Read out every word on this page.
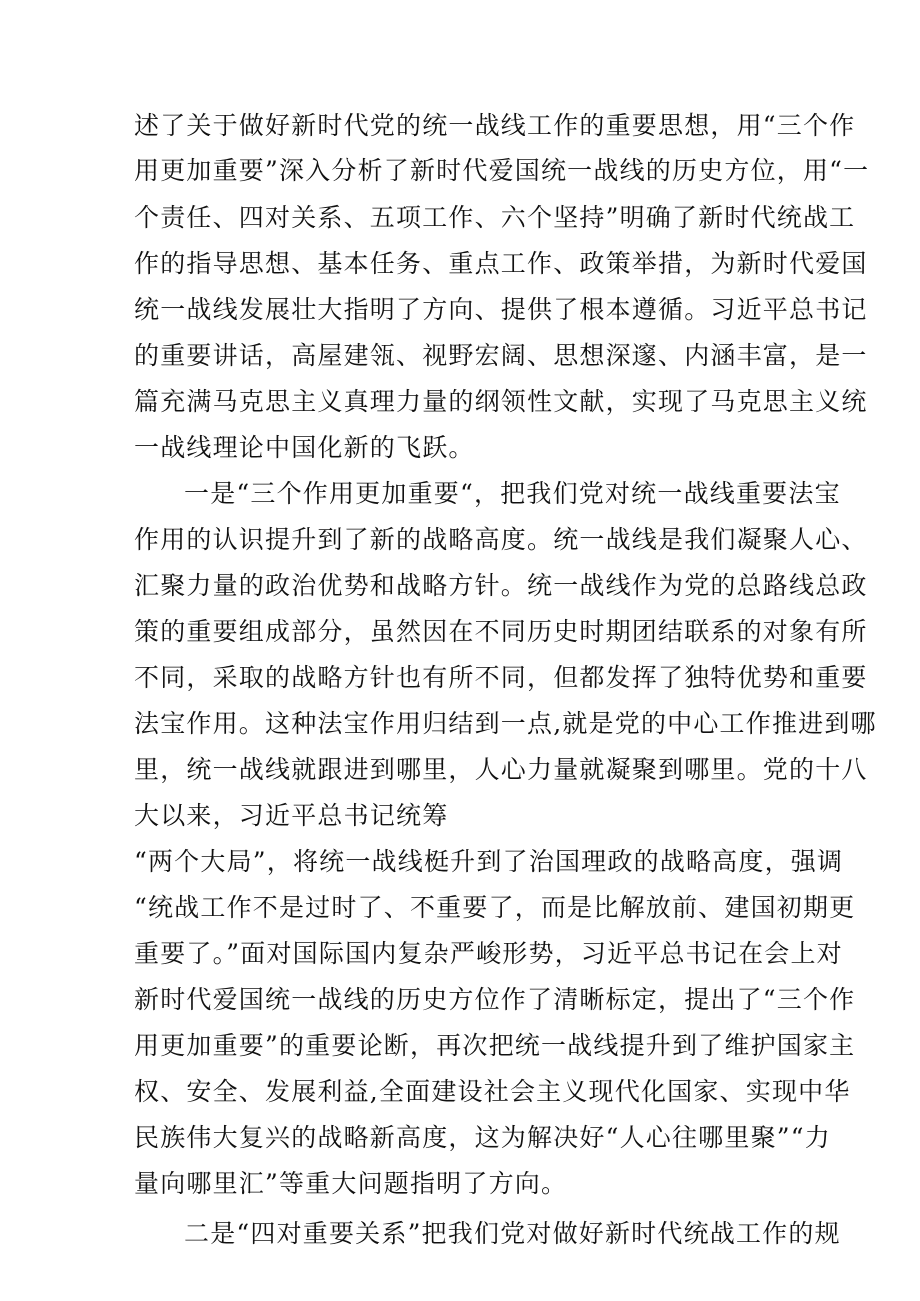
述了关于做好新时代党的统一战线工作的重要思想，用“三个作
用更加重要”深入分析了新时代爱国统一战线的历史方位，用“一
个责任、四对关系、五项工作、六个坚持”明确了新时代统战工
作的指导思想、基本任务、重点工作、政策举措，为新时代爱国
统一战线发展壮大指明了方向、提供了根本遵循。习近平总书记
的重要讲话，高屋建瓴、视野宏阔、思想深邃、内涵丰富，是一
篇充满马克思主义真理力量的纲领性文献，实现了马克思主义统
一战线理论中国化新的飞跃。
一是“三个作用更加重要“，把我们党对统一战线重要法宝
作用的认识提升到了新的战略高度。统一战线是我们凝聚人心、
汇聚力量的政治优势和战略方针。统一战线作为党的总路线总政
策的重要组成部分，虽然因在不同历史时期团结联系的对象有所
不同，采取的战略方针也有所不同，但都发挥了独特优势和重要
法宝作用。这种法宝作用归结到一点,就是党的中心工作推进到哪
里，统一战线就跟进到哪里，人心力量就凝聚到哪里。党的十八
大以来，习近平总书记统筹
“两个大局”，将统一战线梃升到了治国理政的战略高度，强调
“统战工作不是过时了、不重要了，而是比解放前、建国初期更
重要了。”面对国际国内复杂严峻形势，习近平总书记在会上对
新时代爱国统一战线的历史方位作了清晰标定，提出了“三个作
用更加重要”的重要论断，再次把统一战线提升到了维护国家主
权、安全、发展利益,全面建设社会主义现代化国家、实现中华
民族伟大复兴的战略新高度，这为解决好“人心往哪里聚”“力
量向哪里汇”等重大问题指明了方向。
二是“四对重要关系”把我们党对做好新时代统战工作的规
